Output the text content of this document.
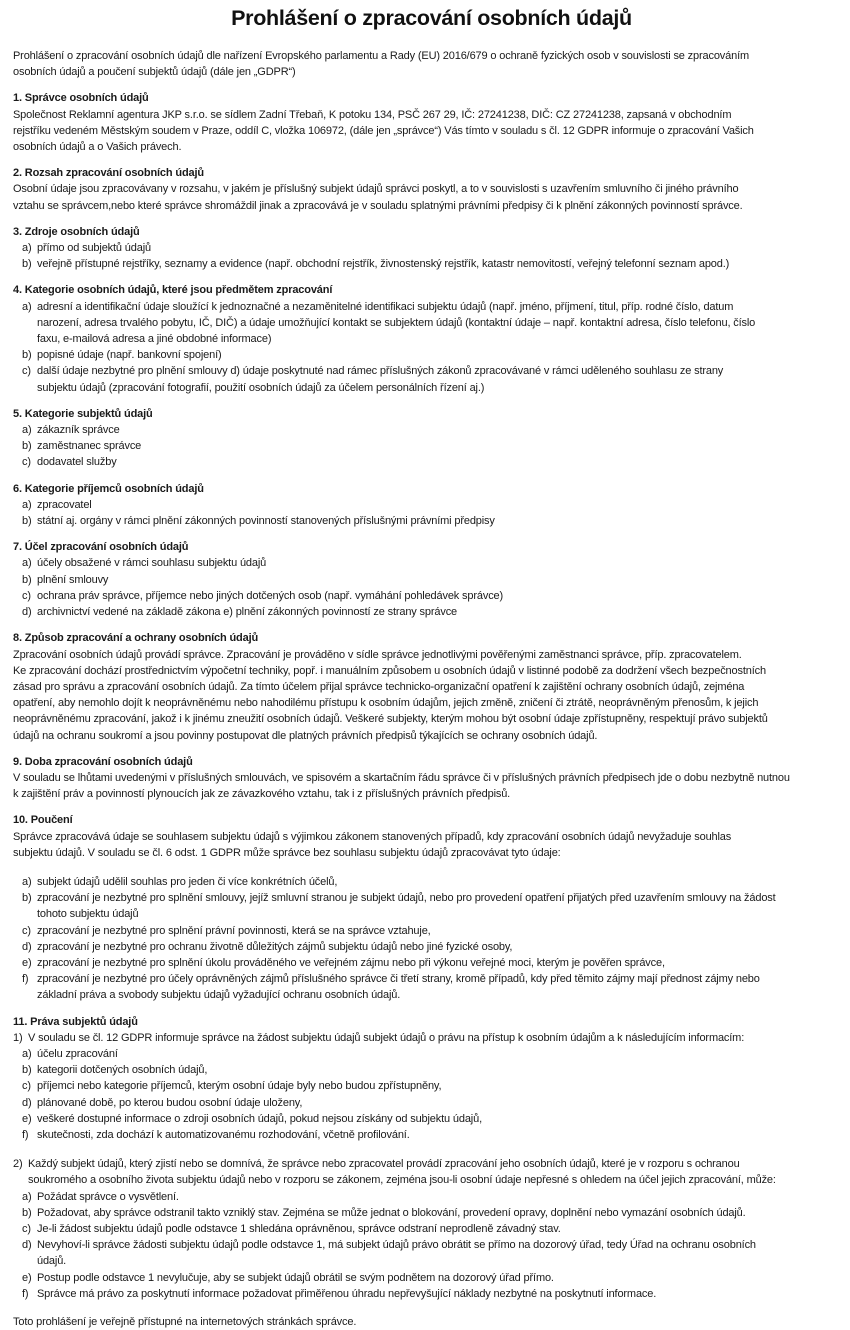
Prohlášení o zpracování osobních údajů

Prohlášení o zpracování osobních údajů dle nařízení Evropského parlamentu a Rady (EU) 2016/679 o ochraně fyzických osob v souvislosti se zpracováním
osobních údajů a poučení subjektů údajů (dále jen „GDPR“)

1. Správce osobních údajů

Společnost Reklamní agentura JKP s.r.o. se sídlem Zadní Třebaň, K potoku 134, PSČ 267 29, IČ: 27241238, DIČ: CZ 27241238, zapsaná v obchodním
rejstříku vedeném Městským soudem v Praze, oddíl C, vložka 106972, (dále jen „správce“) Vás tímto v souladu s čl. 12 GDPR informuje o zpracování Vašich
osobních údajů a o Vašich právech.

2. Rozsah zpracování osobních údajů

Osobní údaje jsou zpracovávany v rozsahu, v jakém je příslušný subjekt údajů správci poskytl, a to v souvislosti s uzavřením smluvního či jiného právního
vztahu se správcem,nebo které správce shromáždil jinak a zpracovává je v souladu splatnými právními předpisy či k plnění zákonných povinností správce.

3. Zdroje osobních údajů
a) přímo od subjektů údajů
b) veřejně přístupné rejstříky, seznamy a evidence (např. obchodní rejstřík, živnostenský rejstřík, katastr nemovitostí, veřejný telefonní seznam apod.)
4. Kategorie osobních údajů, které jsou předmětem zpracování
a) adresní a identifikační údaje sloužící k jednoznačné a nezaměnitelné identifikaci subjektu údajů (např. jméno, příjmení, titul, příp. rodné číslo, datum
narození, adresa trvalého pobytu, IČ, DIČ) a údaje umožňující kontakt se subjektem údajů (kontaktní údaje – např. kontaktní adresa, číslo telefonu, číslo
faxu, e-mailová adresa a jiné obdobné informace)
b) popisné údaje (např. bankovní spojení)
c) další údaje nezbytné pro plnění smlouvy d) údaje poskytnuté nad rámec příslušných zákonů zpracovávané v rámci uděleného souhlasu ze strany
subjektu údajů (zpracování fotografií, použití osobních údajů za účelem personálních řízení aj.)
5. Kategorie subjektů údajů
a) zákazník správce
b) zaměstnanec správce
c) dodavatel služby
6. Kategorie příjemců osobních údajů
a) zpracovatel
b) státní aj. orgány v rámci plnění zákonných povinností stanovených příslušnými právními předpisy
7. Účel zpracování osobních údajů
a) účely obsažené v rámci souhlasu subjektu údajů
b) plnění smlouvy
c) ochrana práv správce, příjemce nebo jiných dotčených osob (např. vymáhání pohledávek správce)
d) archivnictví vedené na základě zákona e) plnění zákonných povinností ze strany správce
8. Způsob zpracování a ochrany osobních údajů

Zpracování osobních údajů provádí správce. Zpracování je prováděno v sídle správce jednotlivými pověřenými zaměstnanci správce, příp. zpracovatelem.
Ke zpracování dochází prostřednictvím výpočetní techniky, popř. i manuálním způsobem u osobních údajů v listinné podobě za dodržení všech bezpečnostních
zásad pro správu a zpracování osobních údajů. Za tímto účelem přijal správce technicko-organizační opatření k zajištění ochrany osobních údajů, zejména
opatření, aby nemohlo dojít k neoprávněnému nebo nahodilému přístupu k osobním údajům, jejich změně, zničení či ztrátě, neoprávněným přenosům, k jejich
neoprávněnému zpracování, jakož i k jinému zneužití osobních údajů. Veškeré subjekty, kterým mohou být osobní údaje zpřístupněny, respektují právo subjektů
údajů na ochranu soukromí a jsou povinny postupovat dle platných právních předpisů týkajících se ochrany osobních údajů.

9. Doba zpracování osobních údajů

V souladu se lhůtami uvedenými v příslušných smlouvách, ve spisovém a skartačním řádu správce či v příslušných právních předpisech jde o dobu nezbytně nutnou
k zajištění práv a povinností plynoucích jak ze závazkového vztahu, tak i z příslušných právních předpisů.

10. Poučení

Správce zpracovává údaje se souhlasem subjektu údajů s výjimkou zákonem stanovených případů, kdy zpracování osobních údajů nevyžaduje souhlas
subjektu údajů. V souladu se čl. 6 odst. 1 GDPR může správce bez souhlasu subjektu údajů zpracovávat tyto údaje:

a) subjekt údajů udělil souhlas pro jeden či více konkrétních účelů,
b) zpracování je nezbytné pro splnění smlouvy, jejíž smluvní stranou je subjekt údajů, nebo pro provedení opatření přijatých před uzavřením smlouvy na žádost
tohoto subjektu údajů
c) zpracování je nezbytné pro splnění právní povinnosti, která se na správce vztahuje,
d) zpracování je nezbytné pro ochranu životně důležitých zájmů subjektu údajů nebo jiné fyzické osoby,
e) zpracování je nezbytné pro splnění úkolu prováděného ve veřejném zájmu nebo při výkonu veřejné moci, kterým je pověřen správce,
f) zpracování je nezbytné pro účely oprávněných zájmů příslušného správce či třetí strany, kromě případů, kdy před těmito zájmy mají přednost zájmy nebo
základní práva a svobody subjektu údajů vyžadující ochranu osobních údajů.
11. Práva subjektů údajů
1) V souladu se čl. 12 GDPR informuje správce na žádost subjektu údajů subjekt údajů o právu na přístup k osobním údajům a k následujícím informacím:
a) účelu zpracování
b) kategorii dotčených osobních údajů,
c) příjemci nebo kategorie příjemců, kterým osobní údaje byly nebo budou zpřístupněny,
d) plánované době, po kterou budou osobní údaje uloženy,
e) veškeré dostupné informace o zdroji osobních údajů, pokud nejsou získány od subjektu údajů,
f) skutečnosti, zda dochází k automatizovanému rozhodování, včetně profilování.
2) Každý subjekt údajů, který zjistí nebo se domnívá, že správce nebo zpracovatel provádí zpracování jeho osobních údajů, které je v rozporu s ochranou
soukromého a osobního života subjektu údajů nebo v rozporu se zákonem, zejména jsou-li osobní údaje nepřesné s ohledem na účel jejich zpracování, může:
a) Požádat správce o vysvětlení.
b) Požadovat, aby správce odstranil takto vzniklý stav. Zejména se může jednat o blokování, provedení opravy, doplnění nebo vymazání osobních údajů.
c) Je-li žádost subjektu údajů podle odstavce 1 shledána oprávněnou, správce odstraní neprodleně závadný stav.
d) Nevyhoví-li správce žádosti subjektu údajů podle odstavce 1, má subjekt údajů právo obrátit se přímo na dozorový úřad, tedy Úřad na ochranu osobních
údajů.
e) Postup podle odstavce 1 nevylučuje, aby se subjekt údajů obrátil se svým podnětem na dozorový úřad přímo.
f) Správce má právo za poskytnutí informace požadovat přiměřenou úhradu nepřevyšující náklady nezbytné na poskytnutí informace.

Toto prohlášení je veřejně přístupné na internetových stránkách správce.
